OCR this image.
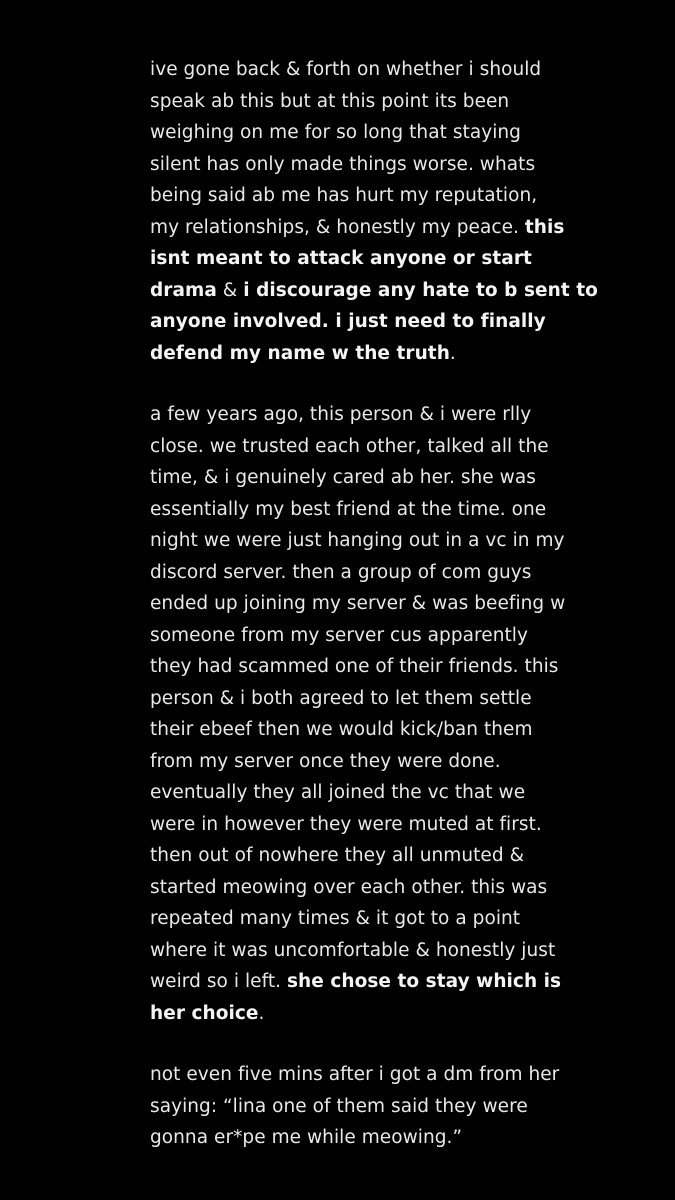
ive gone back & forth on whether i should
speak ab this but at this point its been
weighing on me for so long that staying
silent has only made things worse. whats
being said ab me has hurt my reputation,
my relationships, & honestly my peace. this
isnt meant to attack anyone or start
drama & i discourage any hate to b sent to
anyone involved. i just need to finally
defend my name w the truth.

a few years ago, this person & i were rlly
close. we trusted each other, talked all the
time, & i genuinely cared ab her. she was
essentially my best friend at the time. one
night we were just hanging out in a vc in my
discord server. then a group of com guys
ended up joining my server & was beefing w
someone from my server cus apparently
they had scammed one of their friends. this
person & i both agreed to let them settle
their ebeef then we would kick/ban them
from my server once they were done.
eventually they all joined the vc that we
were in however they were muted at first.
then out of nowhere they all unmuted &
started meowing over each other. this was
repeated many times & it got to a point
where it was uncomfortable & honestly just
weird so i left. she chose to stay which is
her choice.

not even five mins after i got a dm from her
saying: “lina one of them said they were
gonna er*pe me while meowing.”
